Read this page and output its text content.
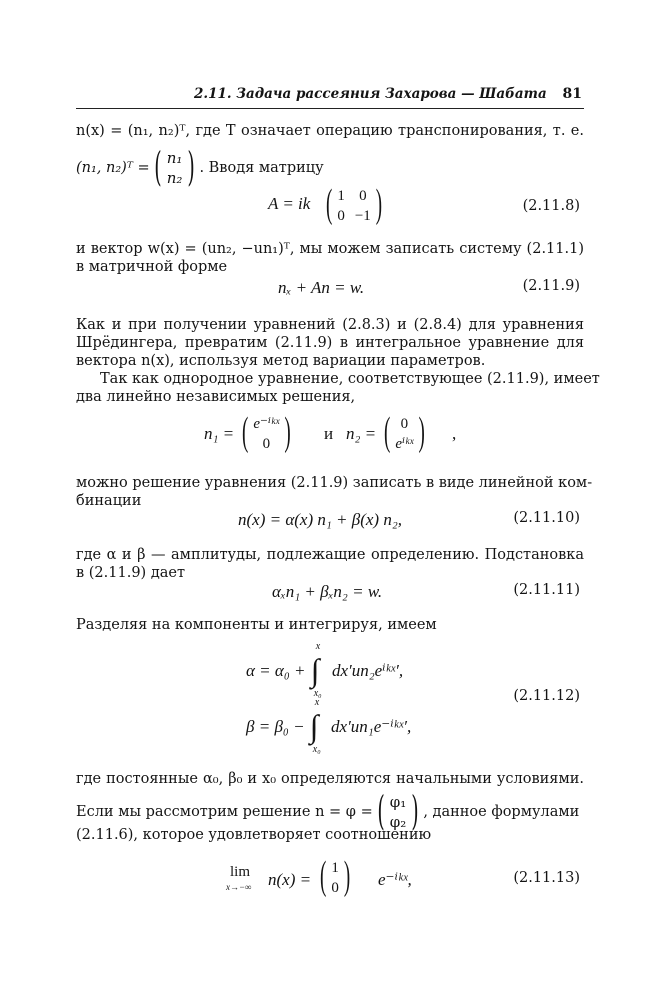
2.11. Задача рассеяния Захарова — Шабата 81
n(x) = (n₁, n₂)ᵀ, где T означает операцию транспонирования, т. е.
(n₁, n₂)ᵀ = ( n₁
n₂ ) . Вводя матрицу
A = ik ( 1	0
0	−1 )	(2.11.8)
и вектор w(x) = (un₂, −un₁)ᵀ, мы можем записать систему (2.11.1)
в матричной форме
nₓ + An = w.	(2.11.9)
Как и при получении уравнений (2.8.3) и (2.8.4) для уравнения
Шрёдингера, превратим (2.11.9) в интегральное уравнение для
вектора n(x), используя метод вариации параметров.
Так как однородное уравнение, соответствующее (2.11.9), имеет
два линейно независимых решения,
n₁ = ( e⁻ⁱᵏˣ
0 ) и n₂ = ( 0
eⁱᵏˣ ) ,
можно решение уравнения (2.11.9) записать в виде линейной ком-
бинации
n(x) = α(x) n₁ + β(x) n₂,	(2.11.10)
где α и β — амплитуды, подлежащие определению. Подстановка
в (2.11.9) дает
αₓn₁ + βₓn₂ = w.	(2.11.11)
Разделяя на компоненты и интегрируя, имеем
α = α₀ + ∫
x
x₀
dx′un₂eⁱᵏˣ′,
β = β₀ − ∫
x
x₀
dx′un₁e⁻ⁱᵏˣ′,
(2.11.12)
где постоянные α₀, β₀ и x₀ определяются начальными условиями.
Если мы рассмотрим решение n = φ = ( φ₁
φ₂ ) , данное формулами
(2.11.6), которое удовлетворяет соотношению
lim
x→−∞ n(x) = ( 1
0 ) e⁻ⁱᵏˣ,	(2.11.13)
